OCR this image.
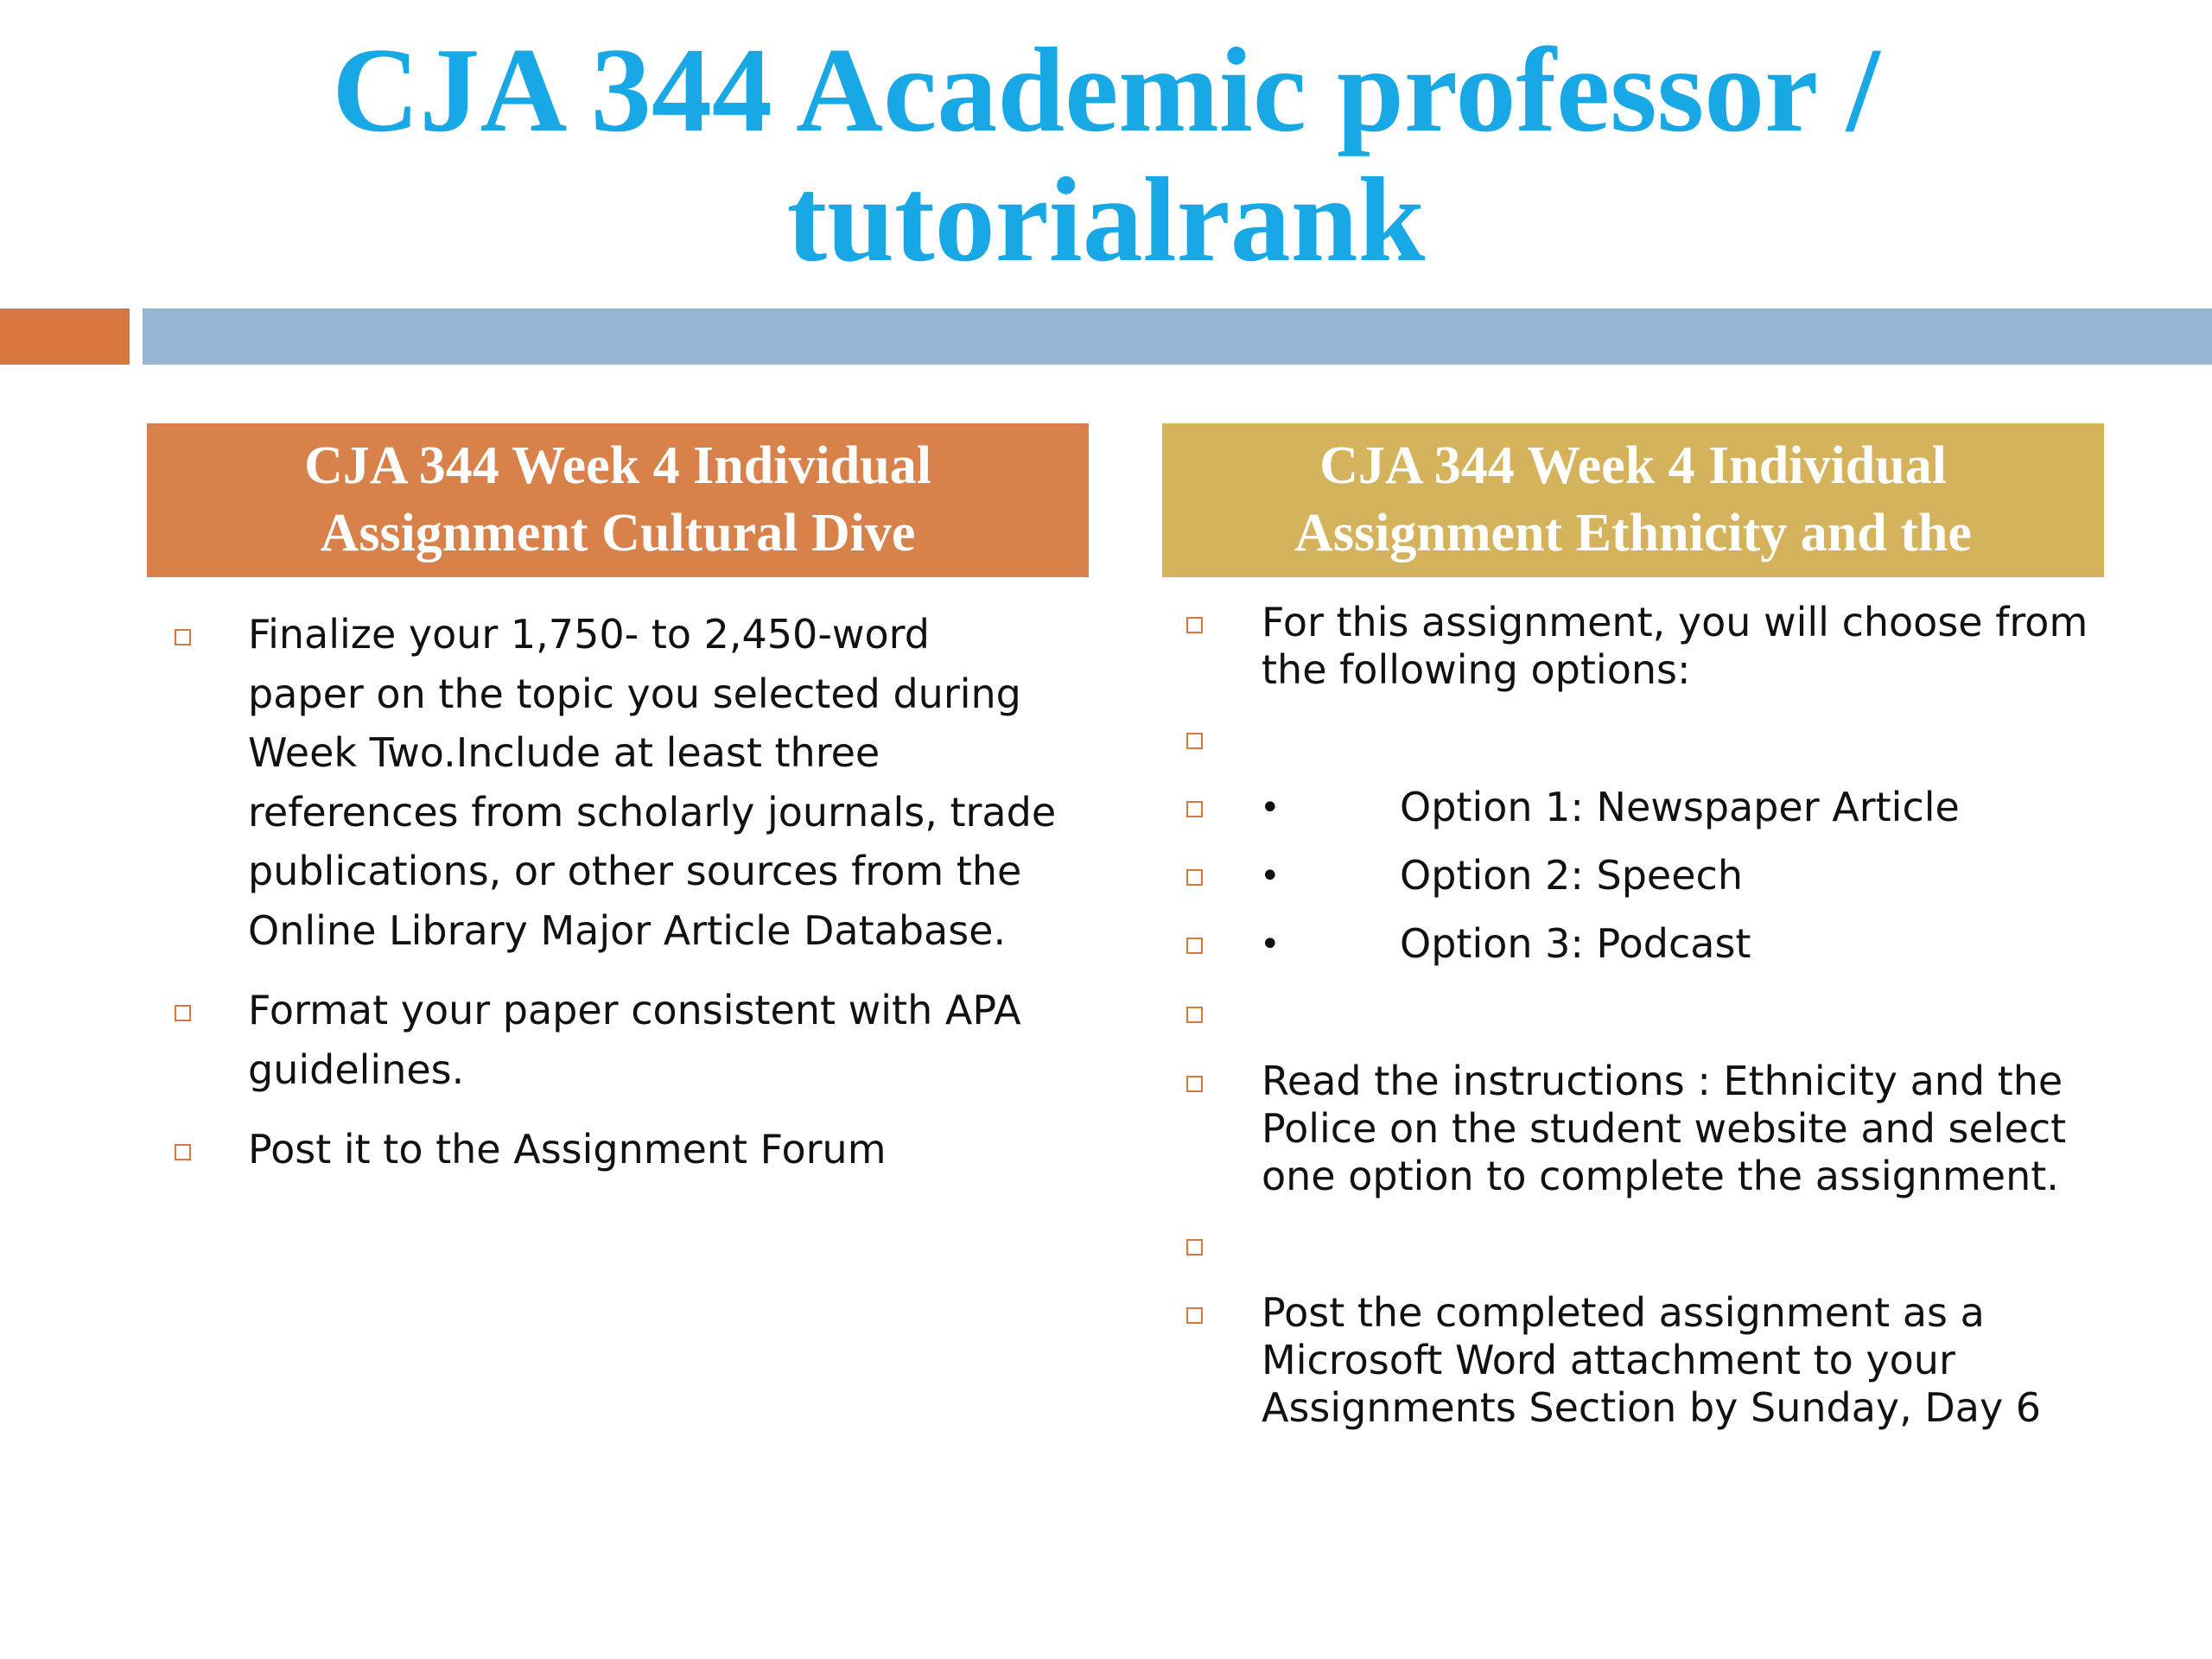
CJA 344 Academic professor /
tutorialrank
CJA 344 Week 4 Individual
Assignment Cultural Dive
Finalize your 1,750- to 2,450-word
paper on the topic you selected during
Week Two.Include at least three
references from scholarly journals, trade
publications, or other sources from the
Online Library Major Article Database.
Format your paper consistent with APA
guidelines.
Post it to the Assignment Forum
CJA 344 Week 4 Individual
Assignment Ethnicity and the
For this assignment, you will choose from
the following options:
•	Option 1: Newspaper Article
•	Option 2: Speech
•	Option 3: Podcast
Read the instructions : Ethnicity and the
Police on the student website and select
one option to complete the assignment.
Post the completed assignment as a
Microsoft Word attachment to your
Assignments Section by Sunday, Day 6
